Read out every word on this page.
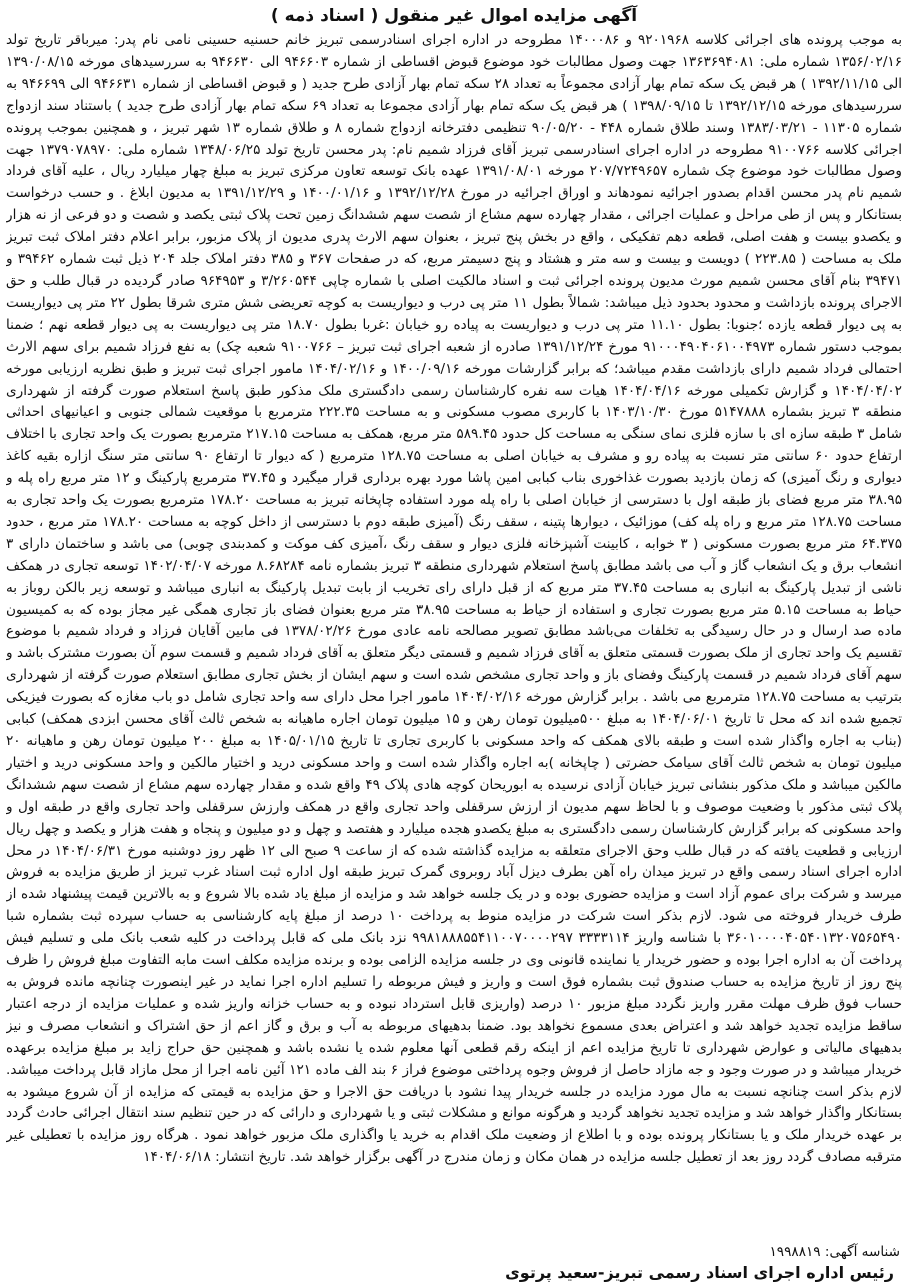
آگهی مزایده اموال غیر منقول ( اسناد ذمه )

به موجب پرونده های اجرائی کلاسه ۹۲۰۱۹۶۸ و ۱۴۰۰۰۸۶ مطروحه در اداره اجرای اسنادرسمی تبریز خانم حسنیه حسینی نامی نام پدر: میرباقر تاریخ تولد ۱۳۵۶/۰۲/۱۶ شماره ملی: ۱۳۶۳۶۹۴۰۸۱ جهت وصول مطالبات خود موضوع قبوض اقساطی از شماره ۹۴۶۶۰۳ الی ۹۴۶۶۳۰ به سررسیدهای مورخه ۱۳۹۰/۰۸/۱۵ الی ۱۳۹۲/۱۱/۱۵ ) هر قبض یک سکه تمام بهار آزادی مجموعاً به تعداد ۲۸ سکه تمام بهار آزادی طرح جدید ( و قبوض اقساطی از شماره ۹۴۶۶۳۱ الی ۹۴۶۶۹۹ به سررسیدهای مورخه ۱۳۹۲/۱۲/۱۵ تا ۱۳۹۸/۰۹/۱۵ ) هر قبض یک سکه تمام بهار آزادی مجموعا به تعداد ۶۹ سکه تمام بهار آزادی طرح جدید ) باستناد سند ازدواج شماره ۱۱۳۰۵ - ۱۳۸۳/۰۳/۲۱ وسند طلاق شماره ۴۴۸ - ۹۰/۰۵/۲۰ تنظیمی دفترخانه ازدواج شماره ۸ و طلاق شماره ۱۳ شهر تبریز ، و همچنین بموجب پرونده اجرائی کلاسه ۹۱۰۰۷۶۶ مطروحه در اداره اجرای اسنادرسمی تبریز آقای فرزاد شمیم نام: پدر محسن تاریخ تولد ۱۳۴۸/۰۶/۲۵ شماره ملی: ۱۳۷۹۰۷۸۹۷۰ جهت وصول مطالبات خود موضوع چک شماره ۲۰۷/۷۲۴۹۶۵۷ مورخه ۱۳۹۱/۰۸/۰۱ عهده بانک توسعه تعاون مرکزی تبریز به مبلغ چهار میلیارد ریال ، علیه آقای فرداد شمیم نام پدر محسن اقدام بصدور اجرائیه نمودهاند و اوراق اجرائیه در مورخ ۱۳۹۲/۱۲/۲۸ و ۱۴۰۰/۰۱/۱۶ و ۱۳۹۱/۱۲/۲۹ به مدیون ابلاغ . و حسب درخواست بستانکار و پس از طی مراحل و عملیات اجرائی ، مقدار چهارده سهم مشاع از شصت سهم ششدانگ زمین تحت پلاک ثبتی یکصد و شصت و دو فرعی از نه هزار و یکصدو بیست و هفت اصلی، قطعه دهم تفکیکی ، واقع در بخش پنج تبریز ، بعنوان سهم الارث پدری مدیون از پلاک مزبور، برابر اعلام دفتر املاک ثبت تبریز ملک به مساحت ( ۲۲۳.۸۵ ) دویست و بیست و سه متر و هشتاد و پنج دسیمتر مربع، که در صفحات ۳۶۷ و ۳۸۵ دفتر املاک جلد ۲۰۴ ذیل ثبت شماره ۳۹۴۶۲ و ۳۹۴۷۱ بنام آقای محسن شمیم مورث مدیون پرونده اجرائی ثبت و اسناد مالکیت اصلی با شماره چاپی ۳/۲۶۰۵۴۴ و ۹۶۴۹۵۳ صادر گردیده در قبال طلب و حق الاجرای پرونده بازداشت و محدود بحدود ذیل میباشد: شمالاً بطول ۱۱ متر پی درب و دیواریست به کوچه تعریضی شش متری شرقا بطول ۲۲ متر پی دیواریست به پی دیوار قطعه یازده ؛جنوبا: بطول ۱۱.۱۰ متر پی درب و دیواریست به پیاده رو خیابان :غربا بطول ۱۸.۷۰ متر پی دیواریست به پی دیوار قطعه نهم ؛ ضمنا بموجب دستور شماره ۹۱۰۰۰۴۹۰۴۰۶۱۰۰۴۹۷۳ مورخ ۱۳۹۱/۱۲/۲۴ صادره از شعبه اجرای ثبت تبریز – ۹۱۰۰۷۶۶ شعبه چک) به نفع فرزاد شمیم برای سهم الارث احتمالی فرداد شمیم دارای بازداشت مقدم میباشد؛ که برابر گزارشات مورخه ۱۴۰۰/۰۹/۱۶ و ۱۴۰۴/۰۲/۱۶ مامور اجرای ثبت تبریز و طبق نظریه ارزیابی مورخه ۱۴۰۴/۰۴/۰۲ و گزارش تکمیلی مورخه ۱۴۰۴/۰۴/۱۶ هیات سه نفره کارشناسان رسمی دادگستری ملک مذکور طبق پاسخ استعلام صورت گرفته از شهرداری منطقه ۳ تبریز بشماره ۵۱۴۷۸۸۸ مورخ ۱۴۰۳/۱۰/۳۰ با کاربری مصوب مسکونی و به مساحت ۲۲۲.۳۵ مترمربع با موقعیت شمالی جنوبی و اعیانیهای احداثی شامل ۳ طبقه سازه ای با سازه فلزی نمای سنگی به مساحت کل حدود ۵۸۹.۴۵ متر مربع، همکف به مساحت ۲۱۷.۱۵ مترمربع بصورت یک واحد تجاری با اختلاف ارتفاع حدود ۶۰ سانتی متر نسبت به پیاده رو و مشرف به خیابان اصلی به مساحت ۱۲۸.۷۵ مترمربع ( که دیوار تا ارتفاع ۹۰ سانتی متر سنگ ازاره بقیه کاغذ دیواری و رنگ آمیزی) که زمان بازدید بصورت غذاخوری بناب کبابی امین پاشا مورد بهره برداری قرار میگیرد و ۳۷.۴۵ مترمربع پارکینگ و ۱۲ متر مربع راه پله و ۳۸.۹۵ متر مربع فضای باز طبقه اول با دسترسی از خیابان اصلی با راه پله مورد استفاده چاپخانه تبریز به مساحت ۱۷۸.۲۰ مترمربع بصورت یک واحد تجاری به مساحت ۱۲۸.۷۵ متر مربع و راه پله کف) موزائیک ، دیوارها پتینه ، سقف رنگ (آمیزی طبقه دوم با دسترسی از داخل کوچه به مساحت ۱۷۸.۲۰ متر مربع ، حدود ۶۴.۳۷۵ متر مربع بصورت مسکونی ( ۳ خوابه ، کابینت آشپزخانه فلزی دیوار و سقف رنگ ،آمیزی کف موکت و کمدبندی چوبی) می باشد و ساختمان دارای ۳ انشعاب برق و یک انشعاب گاز و آب می باشد مطابق پاسخ استعلام شهرداری منطقه ۳ تبریز بشماره نامه ۸.۶۸۲۸۴ مورخه ۱۴۰۲/۰۴/۰۷ توسعه تجاری در همکف ناشی از تبدیل پارکینگ به انباری به مساحت ۳۷.۴۵ متر مربع که از قبل دارای رای تخریب از بابت تبدیل پارکینگ به انباری میباشد و توسعه زیر بالکن روباز به حیاط به مساحت ۵.۱۵ متر مربع بصورت تجاری و استفاده از حیاط به مساحت ۳۸.۹۵ متر مربع بعنوان فضای باز تجاری همگی غیر مجاز بوده که به کمیسیون ماده صد ارسال و در حال رسیدگی به تخلفات می‌باشد مطابق تصویر مصالحه نامه عادی مورخ ۱۳۷۸/۰۲/۲۶ فی مابین آقایان فرزاد و فرداد شمیم با موضوع تقسیم یک واحد تجاری از ملک بصورت قسمتی متعلق به آقای فرزاد شمیم و قسمتی دیگر متعلق به آقای فرداد شمیم و قسمت سوم آن بصورت مشترک باشد و سهم آقای فرداد شمیم در قسمت پارکینگ وفضای باز و واحد تجاری مشخص شده است و سهم ایشان از بخش تجاری مطابق استعلام صورت گرفته از شهرداری بترتیب به مساحت ۱۲۸.۷۵ مترمربع می باشد . برابر گزارش مورخه ۱۴۰۴/۰۲/۱۶ مامور اجرا محل دارای سه واحد تجاری شامل دو باب مغازه که بصورت فیزیکی تجمیع شده اند که محل تا تاریخ ۱۴۰۴/۰۶/۰۱ به مبلغ ۵۰۰میلیون تومان رهن و ۱۵ میلیون تومان اجاره ماهیانه به شخص ثالث آقای محسن ابزدی همکف) کبابی (بناب به اجاره واگذار شده است و طبقه بالای همکف که واحد مسکونی با کاربری تجاری تا تاریخ ۱۴۰۵/۰۱/۱۵ به مبلغ ۲۰۰ میلیون تومان رهن و ماهیانه ۲۰ میلیون تومان به شخص ثالث آقای سیامک حضرتی ( چاپخانه )به اجاره واگذار شده است و واحد مسکونی درید و اختیار مالکین و واحد مسکونی درید و اختیار مالکین میباشد و ملک مذکور بنشانی تبریز خیابان آزادی نرسیده به ابوریحان کوچه هادی پلاک ۴۹ واقع شده و مقدار چهارده سهم مشاع از شصت سهم ششدانگ پلاک ثبتی مذکور با وضعیت موصوف و با لحاظ سهم مدیون از ارزش سرقفلی واحد تجاری واقع در همکف وارزش سرقفلی واحد تجاری واقع در طبقه اول و واحد مسکونی که برابر گزارش کارشناسان رسمی دادگستری به مبلغ یکصدو هجده میلیارد و هفتصد و چهل و دو میلیون و پنجاه و هفت هزار و یکصد و چهل ریال ارزیابی و قطعیت یافته که در قبال طلب وحق الاجرای متعلقه به مزایده گذاشته شده که از ساعت ۹ صبح الی ۱۲ ظهر روز دوشنبه مورخ ۱۴۰۴/۰۶/۳۱ در محل اداره اجرای اسناد رسمی واقع در تبریز میدان راه آهن بطرف دیزل آباد روبروی گمرک تبریز طبقه اول اداره ثبت اسناد غرب تبریز از طریق مزایده به فروش میرسد و شرکت برای عموم آزاد است و مزایده حضوری بوده و در یک جلسه خواهد شد و مزایده از مبلغ یاد شده بالا شروع و به بالاترین قیمت پیشنهاد شده از طرف خریدار فروخته می شود. لازم بذکر است شرکت در مزایده منوط به پرداخت ۱۰ درصد از مبلغ پایه کارشناسی به حساب سپرده ثبت بشماره شبا ۳۶۰۱۰۰۰۰۴۰۵۴۰۱۳۲۰۷۵۶۵۴۹۰ با شناسه واریز ۳۳۳۳۱۱۴ ۹۹۸۱۸۸۸۵۵۴۱۱۰۰۷۰۰۰۰۲۹۷ نزد بانک ملی که قابل پرداخت در کلیه شعب بانک ملی و تسلیم فیش پرداخت آن به اداره اجرا بوده و حضور خریدار یا نماینده قانونی وی در جلسه مزایده الزامی بوده و برنده مزایده مکلف است مابه التفاوت مبلغ فروش را ظرف پنج روز از تاریخ مزایده به حساب صندوق ثبت بشماره فوق است و واریز و فیش مربوطه را تسلیم اداره اجرا نماید در غیر اینصورت چنانچه مانده فروش به حساب فوق ظرف مهلت مقرر واریز نگردد مبلغ مزبور ۱۰ درصد (واریزی قابل استرداد نبوده و به حساب خزانه واریز شده و عملیات مزایده از درجه اعتبار ساقط مزایده تجدید خواهد شد و اعتراض بعدی مسموع نخواهد بود. ضمنا بدهیهای مربوطه به آب و برق و گاز اعم از حق اشتراک و انشعاب مصرف و نیز بدهیهای مالیاتی و عوارض شهرداری تا تاریخ مزایده اعم از اینکه رقم قطعی آنها معلوم شده یا نشده باشد و همچنین حق حراج زاید بر مبلغ مزایده برعهده خریدار میباشد و در صورت وجود و جه مازاد حاصل از فروش وجوه پرداختی موضوع فراز ۶ بند الف ماده ۱۲۱ آئین نامه اجرا از محل مازاد قابل پرداخت میباشد. لازم بذکر است چنانچه نسبت به مال مورد مزایده در جلسه خریدار پیدا نشود با دریافت حق الاجرا و حق مزایده به قیمتی که مزایده از آن شروع میشود به بستانکار واگذار خواهد شد و مزایده تجدید نخواهد گردید و هرگونه موانع و مشکلات ثبتی و یا شهرداری و دارائی که در حین تنظیم سند انتقال اجرائی حادث گردد بر عهده خریدار ملک و یا بستانکار پرونده بوده و با اطلاع از وضعیت ملک اقدام به خرید یا واگذاری ملک مزبور خواهد نمود . هرگاه روز مزایده با تعطیلی غیر مترقبه مصادف گردد روز بعد از تعطیل جلسه مزایده در همان مکان و زمان مندرج در آگهی برگزار خواهد شد. تاریخ انتشار: ۱۴۰۴/۰۶/۱۸

شناسه آگهی: ۱۹۹۸۸۱۹
رئیس اداره اجرای اسناد رسمی تبریز-سعید پرتوی
